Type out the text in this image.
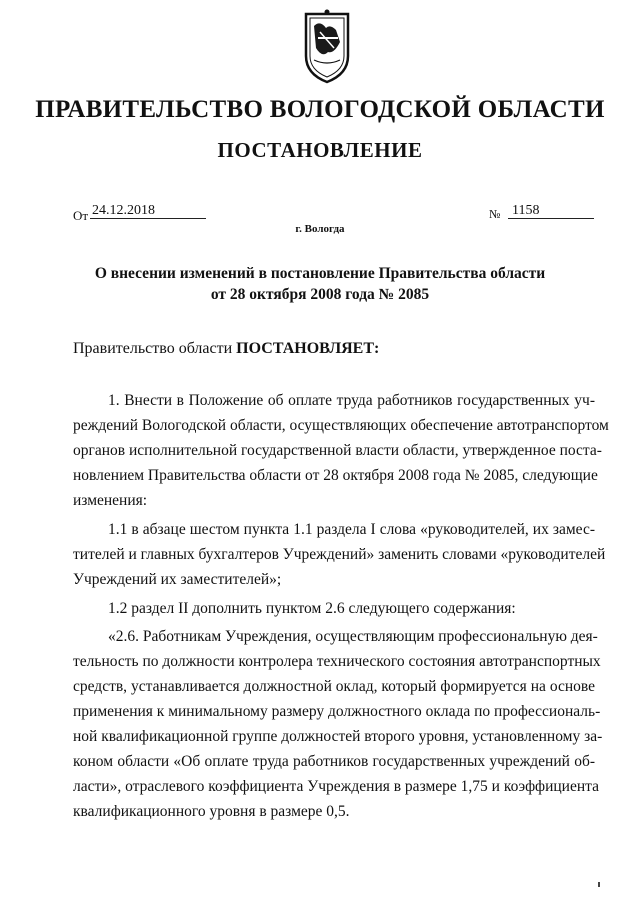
ПРАВИТЕЛЬСТВО ВОЛОГОДСКОЙ ОБЛАСТИ
ПОСТАНОВЛЕНИЕ
От 24.12.2018	№ 1158
г. Вологда
О внесении изменений в постановление Правительства области
от 28 октября 2008 года № 2085
Правительство области ПОСТАНОВЛЯЕТ:
1. Внести в Положение об оплате труда работников государственных уч-
реждений Вологодской области, осуществляющих обеспечение автотранспортом
органов исполнительной государственной власти области, утвержденное поста-
новлением Правительства области от 28 октября 2008 года № 2085, следующие
изменения:
1.1 в абзаце шестом пункта 1.1 раздела I слова «руководителей, их замес-
тителей и главных бухгалтеров Учреждений» заменить словами «руководителей
Учреждений их заместителей»;
1.2 раздел II дополнить пунктом 2.6 следующего содержания:
«2.6. Работникам Учреждения, осуществляющим профессиональную дея-
тельность по должности контролера технического состояния автотранспортных
средств, устанавливается должностной оклад, который формируется на основе
применения к минимальному размеру должностного оклада по профессиональ-
ной квалификационной группе должностей второго уровня, установленному за-
коном области «Об оплате труда работников государственных учреждений об-
ласти», отраслевого коэффициента Учреждения в размере 1,75 и коэффициента
квалификационного уровня в размере 0,5.
